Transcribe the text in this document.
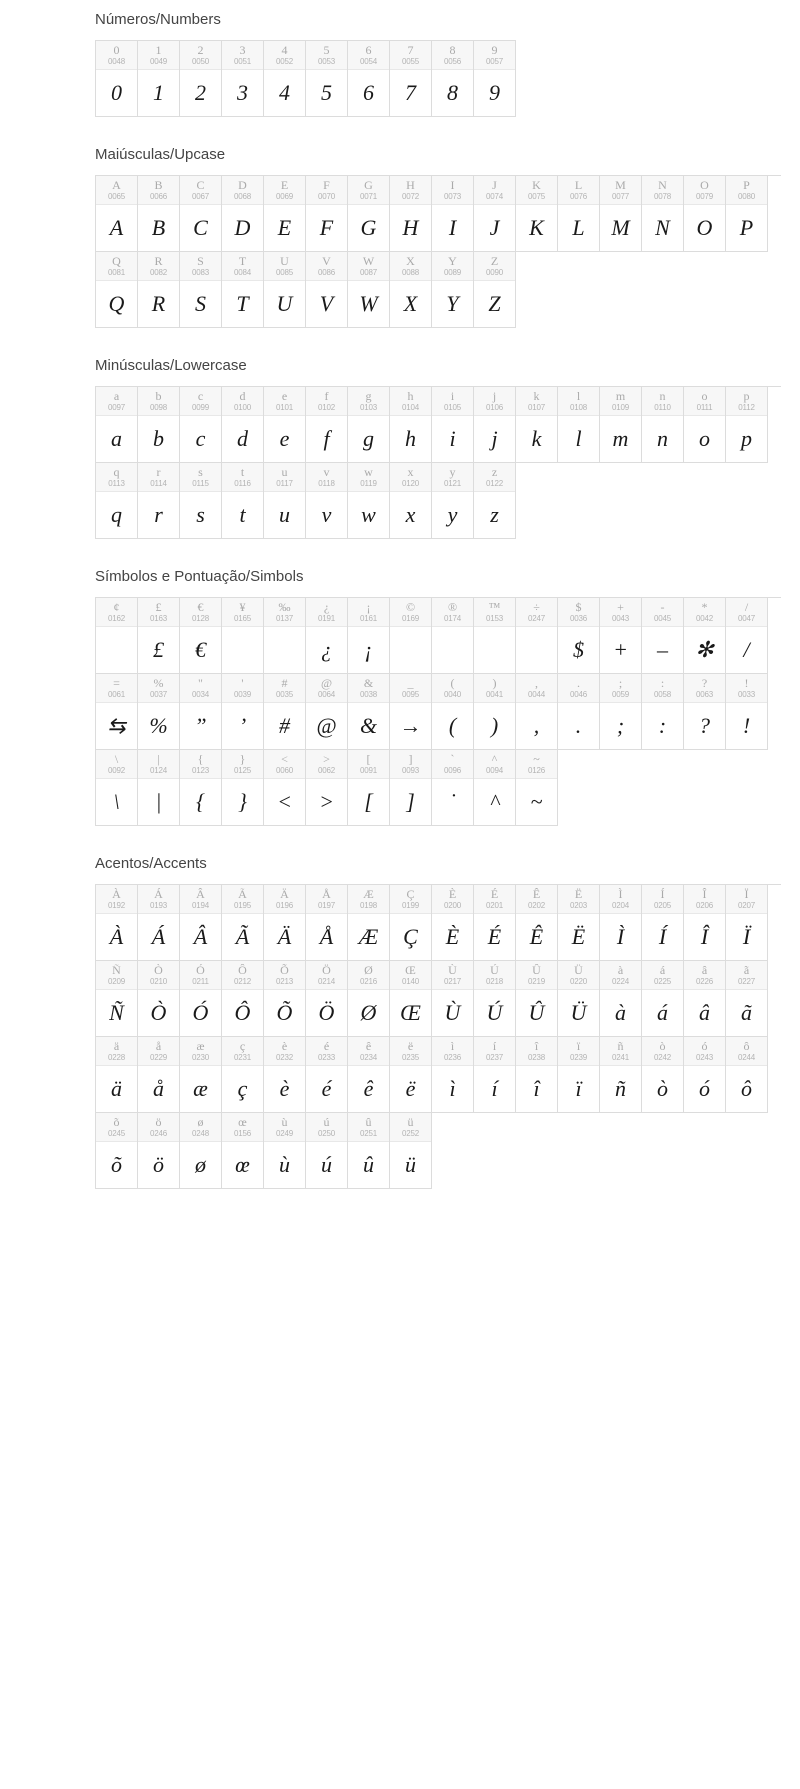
Números/Numbers
0
0048
0
1
0049
1
2
0050
2
3
0051
3
4
0052
4
5
0053
5
6
0054
6
7
0055
7
8
0056
8
9
0057
9
Maiúsculas/Upcase
A
0065
A
B
0066
B
C
0067
C
D
0068
D
E
0069
E
F
0070
F
G
0071
G
H
0072
H
I
0073
I
J
0074
J
K
0075
K
L
0076
L
M
0077
M
N
0078
N
O
0079
O
P
0080
P
Q
0081
Q
R
0082
R
S
0083
S
T
0084
T
U
0085
U
V
0086
V
W
0087
W
X
0088
X
Y
0089
Y
Z
0090
Z
Minúsculas/Lowercase
a
0097
a
b
0098
b
c
0099
c
d
0100
d
e
0101
e
f
0102
f
g
0103
g
h
0104
h
i
0105
i
j
0106
j
k
0107
k
l
0108
l
m
0109
m
n
0110
n
o
0111
o
p
0112
p
q
0113
q
r
0114
r
s
0115
s
t
0116
t
u
0117
u
v
0118
v
w
0119
w
x
0120
x
y
0121
y
z
0122
z
Símbolos e Pontuação/Simbols
¢
0162
£
0163
£
€
0128
€
¥
0165
‰
0137
¿
0191
¿
¡
0161
¡
©
0169
®
0174
™
0153
÷
0247
$
0036
$
+
0043
+
-
0045
–
*
0042
✻
/
0047
/
=
0061
⇆
%
0037
%
"
0034
”
'
0039
’
#
0035
#
@
0064
@
&
0038
&
_
0095
→
(
0040
(
)
0041
)
,
0044
,
.
0046
.
;
0059
;
:
0058
:
?
0063
?
!
0033
!
\
0092
\
|
0124
|
{
0123
{
}
0125
}
<
0060
<
>
0062
>
[
0091
[
]
0093
]
`
0096
˙
^
0094
^
~
0126
~
Acentos/Accents
À
0192
À
Á
0193
Á
Â
0194
Â
Ã
0195
Ã
Ä
0196
Ä
Å
0197
Å
Æ
0198
Æ
Ç
0199
Ç
È
0200
È
É
0201
É
Ê
0202
Ê
Ë
0203
Ë
Ì
0204
Ì
Í
0205
Í
Î
0206
Î
Ï
0207
Ï
Ñ
0209
Ñ
Ò
0210
Ò
Ó
0211
Ó
Ô
0212
Ô
Õ
0213
Õ
Ö
0214
Ö
Ø
0216
Ø
Œ
0140
Œ
Ù
0217
Ù
Ú
0218
Ú
Û
0219
Û
Ü
0220
Ü
à
0224
à
á
0225
á
â
0226
â
ã
0227
ã
ä
0228
ä
å
0229
å
æ
0230
æ
ç
0231
ç
è
0232
è
é
0233
é
ê
0234
ê
ë
0235
ë
ì
0236
ì
í
0237
í
î
0238
î
ï
0239
ï
ñ
0241
ñ
ò
0242
ò
ó
0243
ó
ô
0244
ô
õ
0245
õ
ö
0246
ö
ø
0248
ø
œ
0156
œ
ù
0249
ù
ú
0250
ú
û
0251
û
ü
0252
ü
